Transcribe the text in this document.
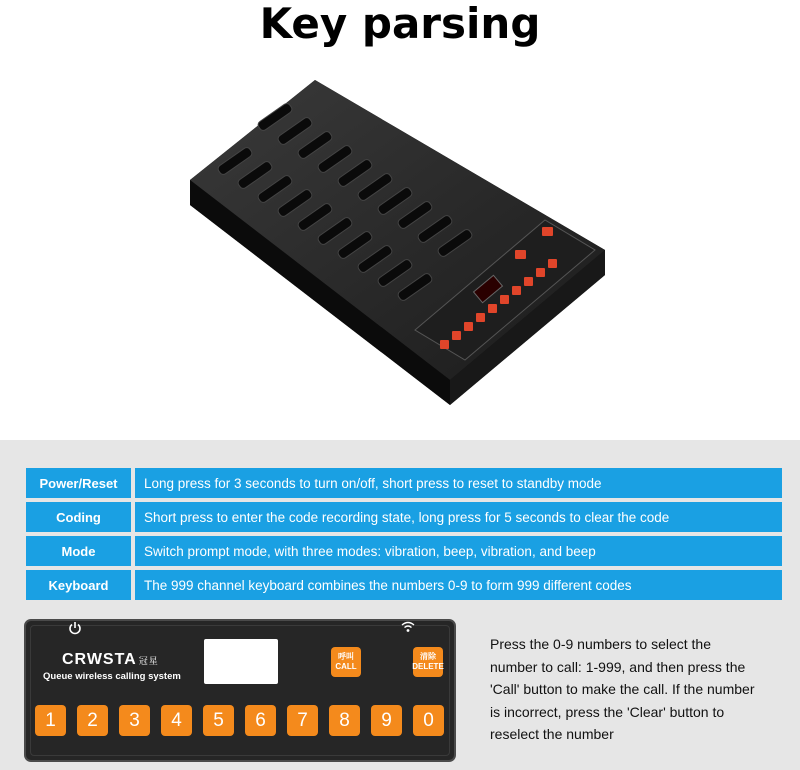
Key parsing
Power/Reset	Long press for 3 seconds to turn on/off, short press to reset to standby mode
Coding	Short press to enter the code recording state, long press for 5 seconds to clear the code
Mode	Switch prompt mode, with three modes: vibration, beep, vibration, and beep
Keyboard	The 999 channel keyboard combines the numbers 0-9 to form 999 different codes
CRWSTA 冠星
Queue wireless calling system
呼叫
CALL
清除
DELETE
1	2	3	4	5	6	7	8	9	0
Press the 0-9 numbers to select the number to call: 1-999, and then press the 'Call' button to make the call. If the number is incorrect, press the 'Clear' button to reselect the number
